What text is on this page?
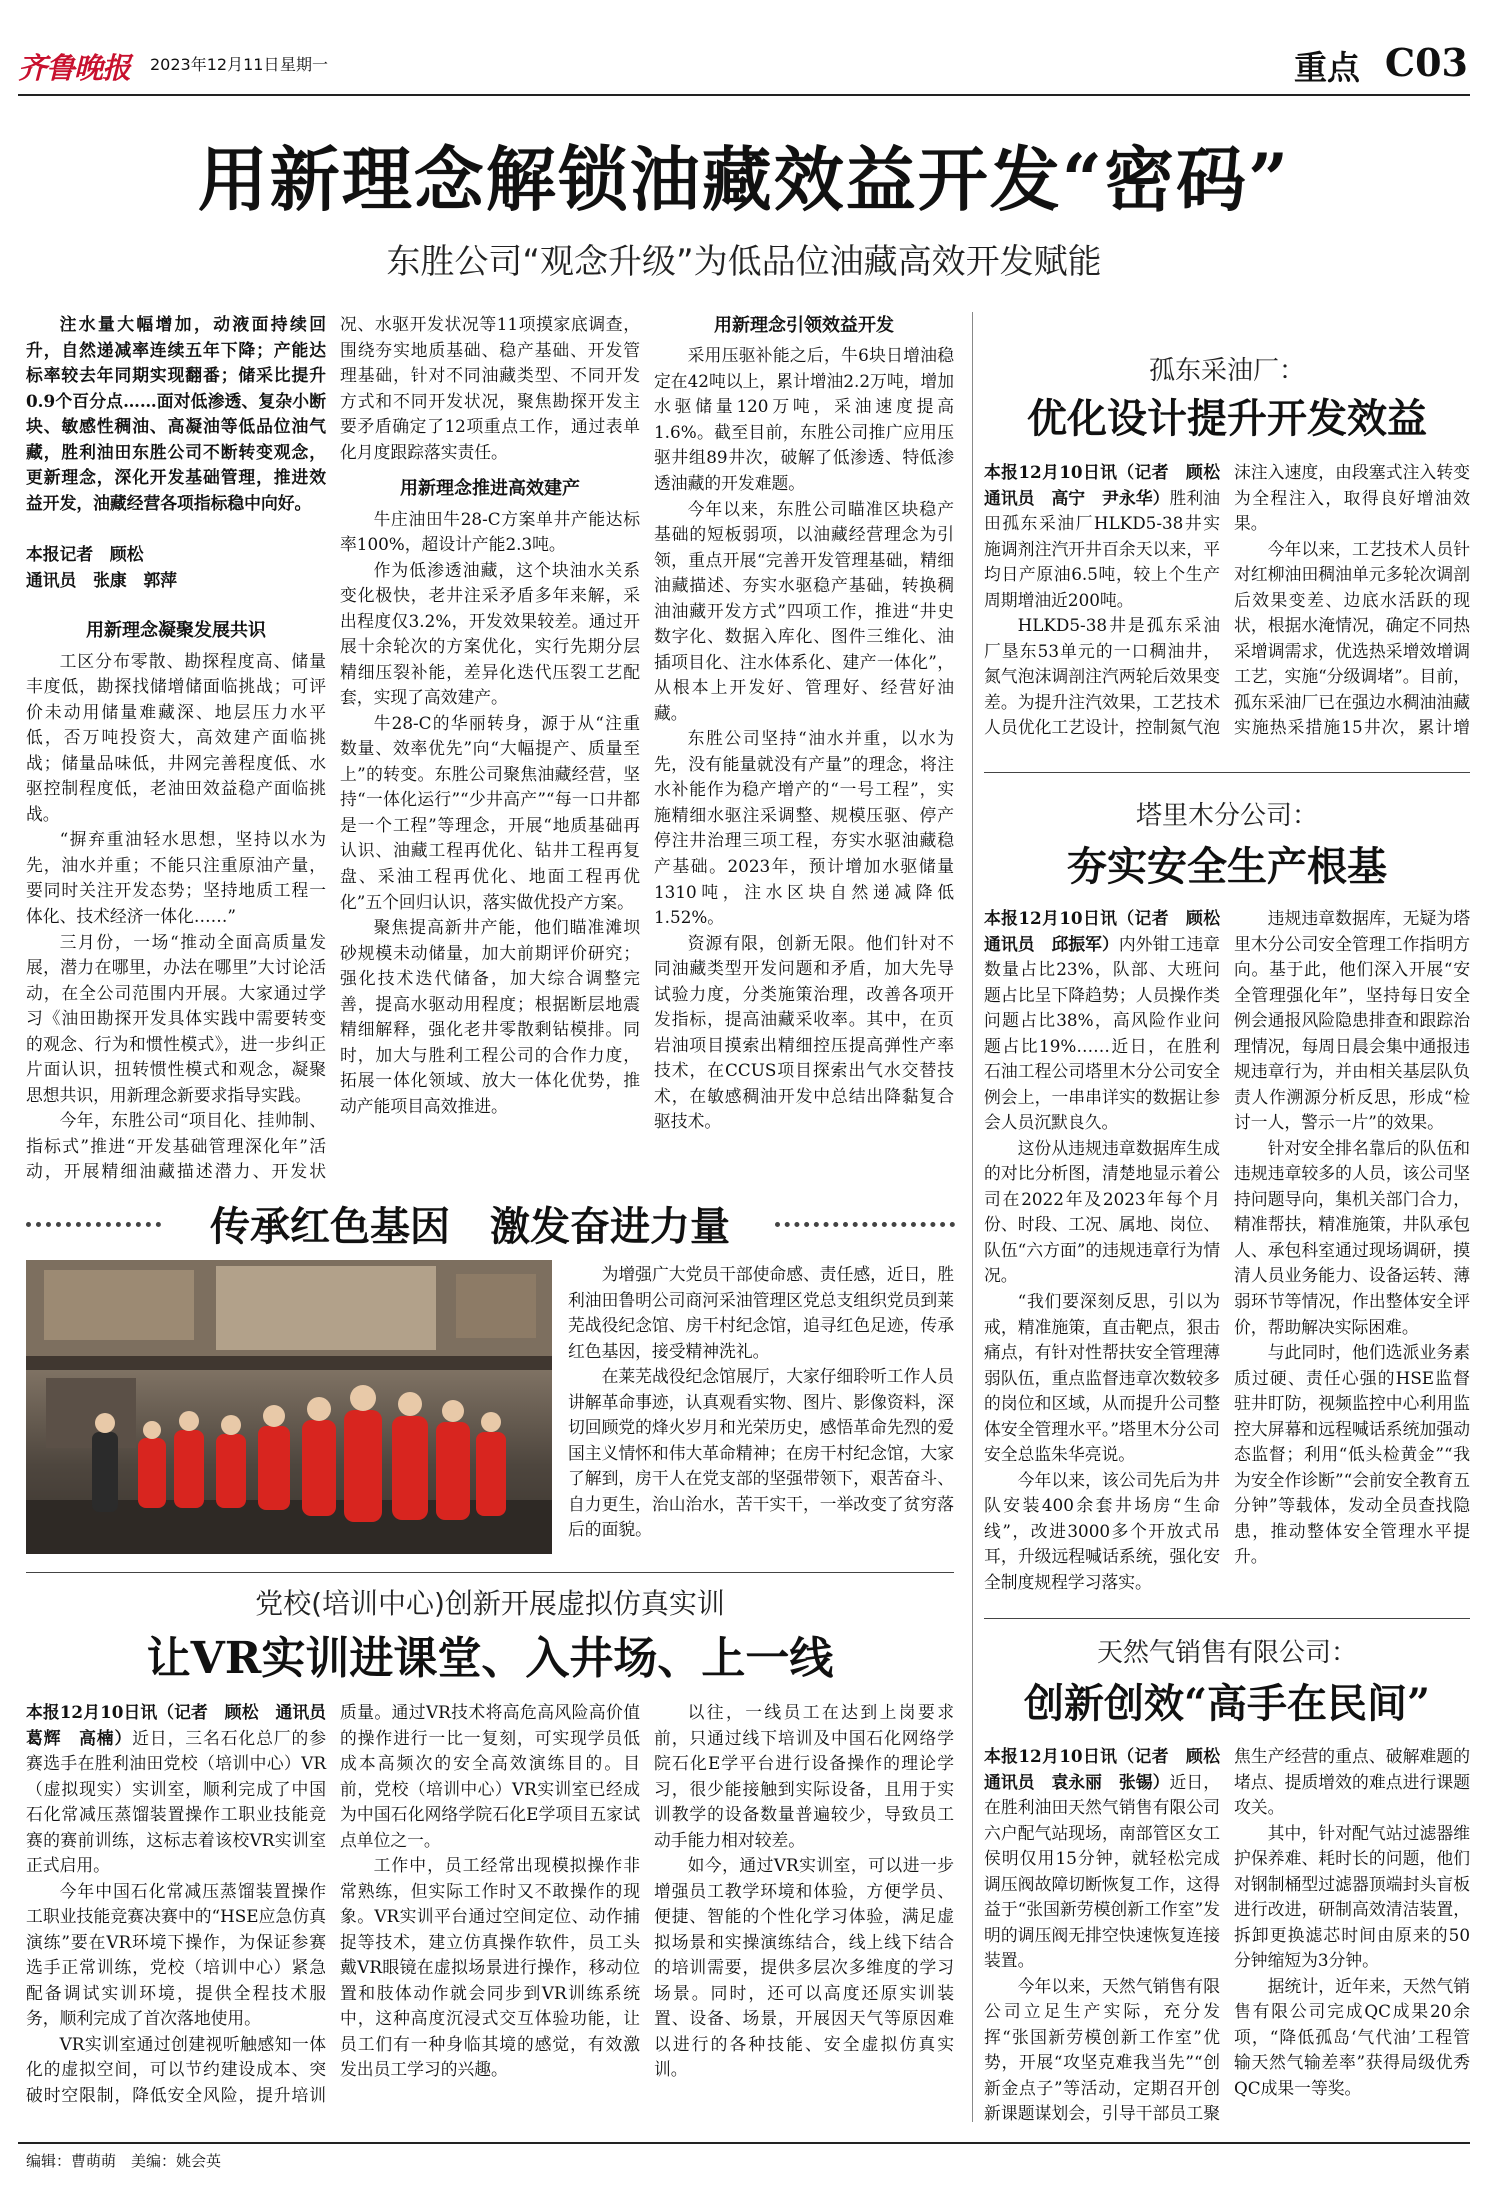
齐鲁晚报 2023年12月11日 星期一	重点 C03
用新理念解锁油藏效益开发“密码”
东胜公司“观念升级”为低品位油藏高效开发赋能

注水量大幅增加，动液面持续回升，自然递减率连续五年下降；产能达标率较去年同期实现翻番；储采比提升0.9个百分点……面对低渗透、复杂小断块、敏感性稠油、高凝油等低品位油气藏，胜利油田东胜公司不断转变观念，更新理念，深化开发基础管理，推进效益开发，油藏经营各项指标稳中向好。

本报记者　顾松

通讯员　张康　郭萍

用新理念凝聚发展共识

工区分布零散、勘探程度高、储量丰度低，勘探找储增储面临挑战；可评价未动用储量难藏深、地层压力水平低，否万吨投资大，高效建产面临挑战；储量品味低，井网完善程度低、水驱控制程度低，老油田效益稳产面临挑战。

“摒弃重油轻水思想，坚持以水为先，油水并重；不能只注重原油产量，要同时关注开发态势；坚持地质工程一体化、技术经济一体化……”

三月份，一场“推动全面高质量发展，潜力在哪里，办法在哪里”大讨论活动，在全公司范围内开展。大家通过学习《油田勘探开发具体实践中需要转变的观念、行为和惯性模式》，进一步纠正片面认识，扭转惯性模式和观念，凝聚思想共识，用新理念新要求指导实践。

今年，东胜公司“项目化、挂帅制、指标式”推进“开发基础管理深化年”活动，开展精细油藏描述潜力、开发状况、水驱开发状况等11项摸家底调查，围绕夯实地质基础、稳产基础、开发管理基础，针对不同油藏类型、不同开发方式和不同开发状况，聚焦勘探开发主要矛盾确定了12项重点工作，通过表单化月度跟踪落实责任。

用新理念推进高效建产

牛庄油田牛28-C方案单井产能达标率100%，超设计产能2.3吨。

作为低渗透油藏，这个块油水关系变化极快，老井注采矛盾多年来解，采出程度仅3.2%，开发效果较差。通过开展十余轮次的方案优化，实行先期分层精细压裂补能，差异化迭代压裂工艺配套，实现了高效建产。

牛28-C的华丽转身，源于从“注重数量、效率优先”向“大幅提产、质量至上”的转变。东胜公司聚焦油藏经营，坚持“一体化运行”“少井高产”“每一口井都是一个工程”等理念，开展“地质基础再认识、油藏工程再优化、钻井工程再复盘、采油工程再优化、地面工程再优化”五个回归认识，落实做优投产方案。

聚焦提高新井产能，他们瞄准滩坝砂规模未动储量，加大前期评价研究；强化技术迭代储备，加大综合调整完善，提高水驱动用程度；根据断层地震精细解释，强化老井零散剩钻模排。同时，加大与胜利工程公司的合作力度，拓展一体化领域、放大一体化优势，推动产能项目高效推进。

用新理念引领效益开发

采用压驱补能之后，牛6块日增油稳定在42吨以上，累计增油2.2万吨，增加水驱储量120万吨，采油速度提高1.6%。截至目前，东胜公司推广应用压驱井组89井次，破解了低渗透、特低渗透油藏的开发难题。

今年以来，东胜公司瞄准区块稳产基础的短板弱项，以油藏经营理念为引领，重点开展“完善开发管理基础，精细油藏描述、夯实水驱稳产基础，转换稠油油藏开发方式”四项工作，推进“井史数字化、数据入库化、图件三维化、油插项目化、注水体系化、建产一体化”，从根本上开发好、管理好、经营好油藏。

东胜公司坚持“油水并重，以水为先，没有能量就没有产量”的理念，将注水补能作为稳产增产的“一号工程”，实施精细水驱注采调整、规模压驱、停产停注井治理三项工程，夯实水驱油藏稳产基础。2023年，预计增加水驱储量1310吨，注水区块自然递减降低1.52%。

资源有限，创新无限。他们针对不同油藏类型开发问题和矛盾，加大先导试验力度，分类施策治理，改善各项开发指标，提高油藏采收率。其中，在页岩油项目摸索出精细控压提高弹性产率技术，在CCUS项目探索出气水交替技术，在敏感稠油开发中总结出降黏复合驱技术。

孤东采油厂：
优化设计提升开发效益

本报12月10日讯（记者　顾松　通讯员　高宁　尹永华）胜利油田孤东采油厂HLKD5-38井实施调剂注汽开井百余天以来，平均日产原油6.5吨，较上个生产周期增油近200吨。

HLKD5-38井是孤东采油厂垦东53单元的一口稠油井，氮气泡沫调剖注汽两轮后效果变差。为提升注汽效果，工艺技术人员优化工艺设计，控制氮气泡沫注入速度，由段塞式注入转变为全程注入，取得良好增油效果。

今年以来，工艺技术人员针对红柳油田稠油单元多轮次调剖后效果变差、边底水活跃的现状，根据水淹情况，确定不同热采增调需求，优选热采增效增调工艺，实施“分级调堵”。目前，孤东采油厂已在强边水稠油油藏实施热采措施15井次，累计增

塔里木分公司：
夯实安全生产根基

本报12月10日讯（记者　顾松　通讯员　邱振军）内外钳工违章数量占比23%，队部、大班问题占比呈下降趋势；人员操作类问题占比38%，高风险作业问题占比19%……近日，在胜利石油工程公司塔里木分公司安全例会上，一串串详实的数据让参会人员沉默良久。

这份从违规违章数据库生成的对比分析图，清楚地显示着公司在2022年及2023年每个月份、时段、工况、属地、岗位、队伍“六方面”的违规违章行为情况。

“我们要深刻反思，引以为戒，精准施策，直击靶点，狠击痛点，有针对性帮扶安全管理薄弱队伍，重点监督违章次数较多的岗位和区域，从而提升公司整体安全管理水平。”塔里木分公司安全总监朱华亮说。

今年以来，该公司先后为井队安装400余套井场房“生命线”，改进3000多个开放式吊耳，升级远程喊话系统，强化安全制度规程学习落实。

违规违章数据库，无疑为塔里木分公司安全管理工作指明方向。基于此，他们深入开展“安全管理强化年”，坚持每日安全例会通报风险隐患排查和跟踪治理情况，每周日晨会集中通报违规违章行为，并由相关基层队负责人作溯源分析反思，形成“检讨一人，警示一片”的效果。

针对安全排名靠后的队伍和违规违章较多的人员，该公司坚持问题导向，集机关部门合力，精准帮扶，精准施策，井队承包人、承包科室通过现场调研，摸清人员业务能力、设备运转、薄弱环节等情况，作出整体安全评价，帮助解决实际困难。

与此同时，他们选派业务素质过硬、责任心强的HSE监督驻井盯防，视频监控中心利用监控大屏幕和远程喊话系统加强动态监督；利用“低头检黄金”“我为安全作诊断”“会前安全教育五分钟”等载体，发动全员查找隐患，推动整体安全管理水平提升。

天然气销售有限公司：
创新创效“高手在民间”

本报12月10日讯（记者　顾松　通讯员　袁永丽　张锡）近日，在胜利油田天然气销售有限公司六户配气站现场，南部管区女工侯明仅用15分钟，就轻松完成调压阀故障切断恢复工作，这得益于“张国新劳模创新工作室”发明的调压阀无排空快速恢复连接装置。

今年以来，天然气销售有限公司立足生产实际，充分发挥“张国新劳模创新工作室”优势，开展“攻坚克难我当先”“创新金点子”等活动，定期召开创新课题谋划会，引导干部员工聚焦生产经营的重点、破解难题的堵点、提质增效的难点进行课题攻关。

其中，针对配气站过滤器维护保养难、耗时长的问题，他们对钢制桶型过滤器顶端封头盲板进行改进，研制高效清洁装置，拆卸更换滤芯时间由原来的50分钟缩短为3分钟。

据统计，近年来，天然气销售有限公司完成QC成果20余项，“降低孤岛‘气代油’工程管输天然气输差率”获得局级优秀QC成果一等奖。

传承红色基因　激发奋进力量

为增强广大党员干部使命感、责任感，近日，胜利油田鲁明公司商河采油管理区党总支组织党员到莱芜战役纪念馆、房干村纪念馆，追寻红色足迹，传承红色基因，接受精神洗礼。

在莱芜战役纪念馆展厅，大家仔细聆听工作人员讲解革命事迹，认真观看实物、图片、影像资料，深切回顾党的烽火岁月和光荣历史，感悟革命先烈的爱国主义情怀和伟大革命精神；在房干村纪念馆，大家了解到，房干人在党支部的坚强带领下，艰苦奋斗、自力更生，治山治水，苦干实干，一举改变了贫穷落后的面貌。

党校(培训中心)创新开展虚拟仿真实训
让VR实训进课堂、入井场、上一线

本报12月10日讯（记者　顾松　通讯员　葛辉　高楠）近日，三名石化总厂的参赛选手在胜利油田党校（培训中心）VR（虚拟现实）实训室，顺利完成了中国石化常减压蒸馏装置操作工职业技能竞赛的赛前训练，这标志着该校VR实训室正式启用。

今年中国石化常减压蒸馏装置操作工职业技能竞赛决赛中的“HSE应急仿真演练”要在VR环境下操作，为保证参赛选手正常训练，党校（培训中心）紧急配备调试实训环境，提供全程技术服务，顺利完成了首次落地使用。

VR实训室通过创建视听触感知一体化的虚拟空间，可以节约建设成本、突破时空限制，降低安全风险，提升培训质量。通过VR技术将高危高风险高价值的操作进行一比一复刻，可实现学员低成本高频次的安全高效演练目的。目前，党校（培训中心）VR实训室已经成为中国石化网络学院石化E学项目五家试点单位之一。

工作中，员工经常出现模拟操作非常熟练，但实际工作时又不敢操作的现象。VR实训平台通过空间定位、动作捕捉等技术，建立仿真操作软件，员工头戴VR眼镜在虚拟场景进行操作，移动位置和肢体动作就会同步到VR训练系统中，这种高度沉浸式交互体验功能，让员工们有一种身临其境的感觉，有效激发出员工学习的兴趣。

以往，一线员工在达到上岗要求前，只通过线下培训及中国石化网络学院石化E学平台进行设备操作的理论学习，很少能接触到实际设备，且用于实训教学的设备数量普遍较少，导致员工动手能力相对较差。

如今，通过VR实训室，可以进一步增强员工教学环境和体验，方便学员、便捷、智能的个性化学习体验，满足虚拟场景和实操演练结合，线上线下结合的培训需要，提供多层次多维度的学习场景。同时，还可以高度还原实训装置、设备、场景，开展因天气等原因难以进行的各种技能、安全虚拟仿真实训。

编辑：曹萌萌　美编：姚会英
